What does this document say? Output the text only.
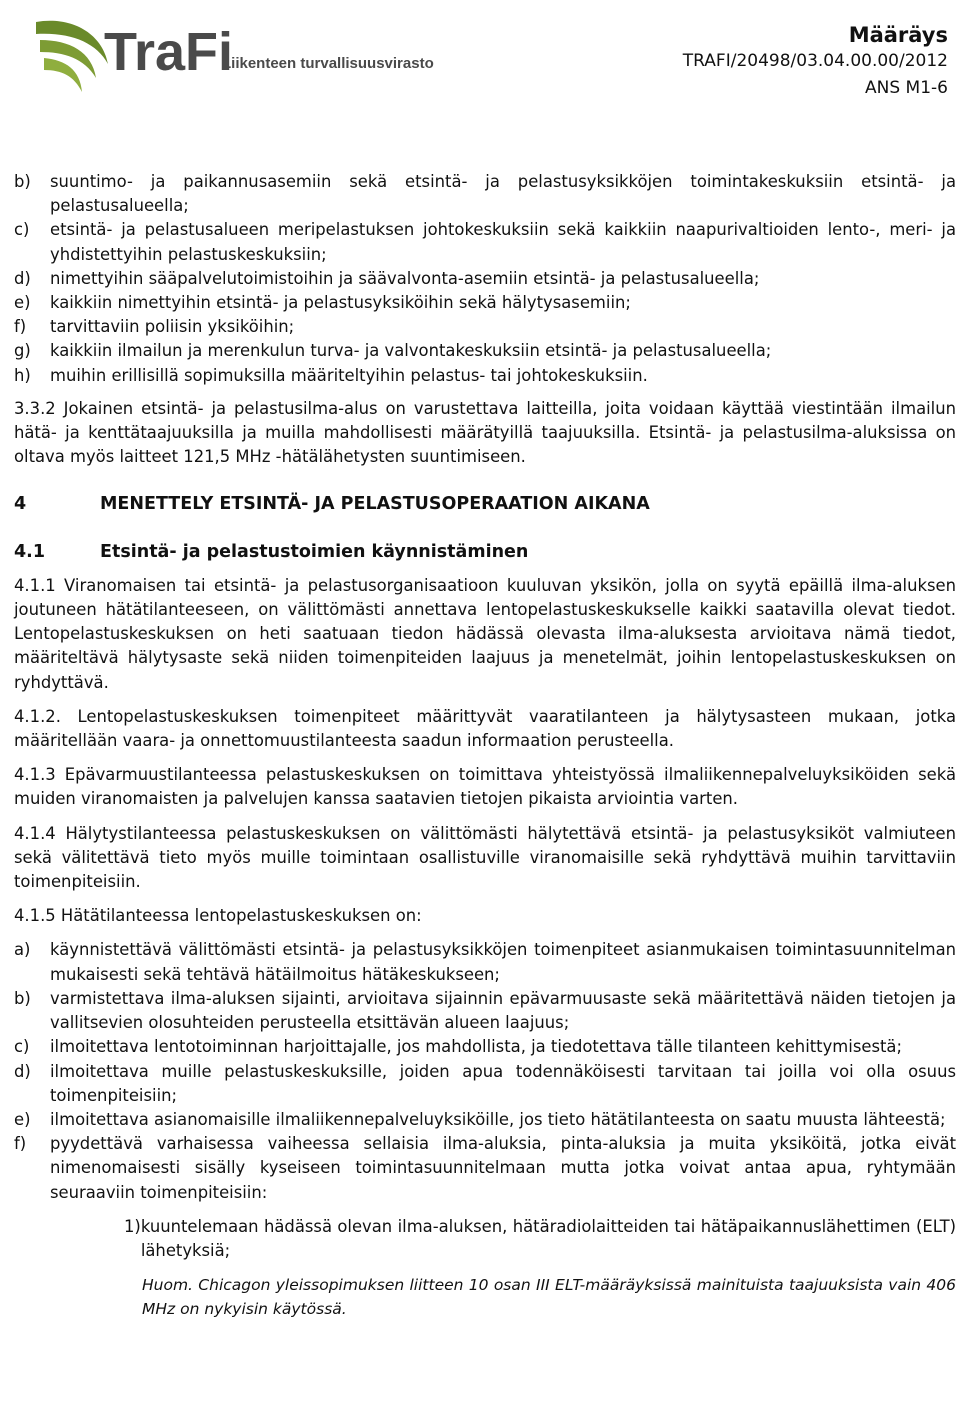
TraFi
Liikenteen turvallisuusvirasto
Määräys
TRAFI/20498/03.04.00.00/2012
ANS M1-6
b)	suuntimo- ja paikannusasemiin sekä etsintä- ja pelastusyksikköjen toimintakeskuksiin etsintä- ja pelastusalueella;
c)	etsintä- ja pelastusalueen meripelastuksen johtokeskuksiin sekä kaikkiin naapurivaltioiden lento-, meri- ja yhdistettyihin pelastuskeskuksiin;
d)	nimettyihin sääpalvelutoimistoihin ja säävalvonta-asemiin etsintä- ja pelastusalueella;
e)	kaikkiin nimettyihin etsintä- ja pelastusyksiköihin sekä hälytysasemiin;
f)	tarvittaviin poliisin yksiköihin;
g)	kaikkiin ilmailun ja merenkulun turva- ja valvontakeskuksiin etsintä- ja pelastusalueella;
h)	muihin erillisillä sopimuksilla määriteltyihin pelastus- tai johtokeskuksiin.
3.3.2 Jokainen etsintä- ja pelastusilma-alus on varustettava laitteilla, joita voidaan käyttää viestintään ilmailun hätä- ja kenttätaajuuksilla ja muilla mahdollisesti määrätyillä taajuuksilla. Etsintä- ja pelastusilma-aluksissa on oltava myös laitteet 121,5 MHz -hätälähetysten suuntimiseen.
4	MENETTELY ETSINTÄ- JA PELASTUSOPERAATION AIKANA
4.1	Etsintä- ja pelastustoimien käynnistäminen
4.1.1 Viranomaisen tai etsintä- ja pelastusorganisaatioon kuuluvan yksikön, jolla on syytä epäillä ilma-aluksen joutuneen hätätilanteeseen, on välittömästi annettava lentopelastuskeskukselle kaikki saatavilla olevat tiedot. Lentopelastuskeskuksen on heti saatuaan tiedon hädässä olevasta ilma-aluksesta arvioitava nämä tiedot, määriteltävä hälytysaste sekä niiden toimenpiteiden laajuus ja menetelmät, joihin lentopelastuskeskuksen on ryhdyttävä.
4.1.2. Lentopelastuskeskuksen toimenpiteet määrittyvät vaaratilanteen ja hälytysasteen mukaan, jotka määritellään vaara- ja onnettomuustilanteesta saadun informaation perusteella.
4.1.3 Epävarmuustilanteessa pelastuskeskuksen on toimittava yhteistyössä ilmaliikennepalveluyksiköiden sekä muiden viranomaisten ja palvelujen kanssa saatavien tietojen pikaista arviointia varten.
4.1.4 Hälytystilanteessa pelastuskeskuksen on välittömästi hälytettävä etsintä- ja pelastusyksiköt valmiuteen sekä välitettävä tieto myös muille toimintaan osallistuville viranomaisille sekä ryhdyttävä muihin tarvittaviin toimenpiteisiin.
4.1.5 Hätätilanteessa lentopelastuskeskuksen on:
a)	käynnistettävä välittömästi etsintä- ja pelastusyksikköjen toimenpiteet asianmukaisen toimintasuunnitelman mukaisesti sekä tehtävä hätäilmoitus hätäkeskukseen;
b)	varmistettava ilma-aluksen sijainti, arvioitava sijainnin epävarmuusaste sekä määritettävä näiden tietojen ja vallitsevien olosuhteiden perusteella etsittävän alueen laajuus;
c)	ilmoitettava lentotoiminnan harjoittajalle, jos mahdollista, ja tiedotettava tälle tilanteen kehittymisestä;
d)	ilmoitettava muille pelastuskeskuksille, joiden apua todennäköisesti tarvitaan tai joilla voi olla osuus toimenpiteisiin;
e)	ilmoitettava asianomaisille ilmaliikennepalveluyksiköille, jos tieto hätätilanteesta on saatu muusta lähteestä;
f)	pyydettävä varhaisessa vaiheessa sellaisia ilma-aluksia, pinta-aluksia ja muita yksiköitä, jotka eivät nimenomaisesti sisälly kyseiseen toimintasuunnitelmaan mutta jotka voivat antaa apua, ryhtymään seuraaviin toimenpiteisiin:
1) kuuntelemaan hädässä olevan ilma-aluksen, hätäradiolaitteiden tai hätäpaikannuslähettimen (ELT) lähetyksiä;
Huom. Chicagon yleissopimuksen liitteen 10 osan III ELT-määräyksissä mainituista taajuuksista vain 406 MHz on nykyisin käytössä.
